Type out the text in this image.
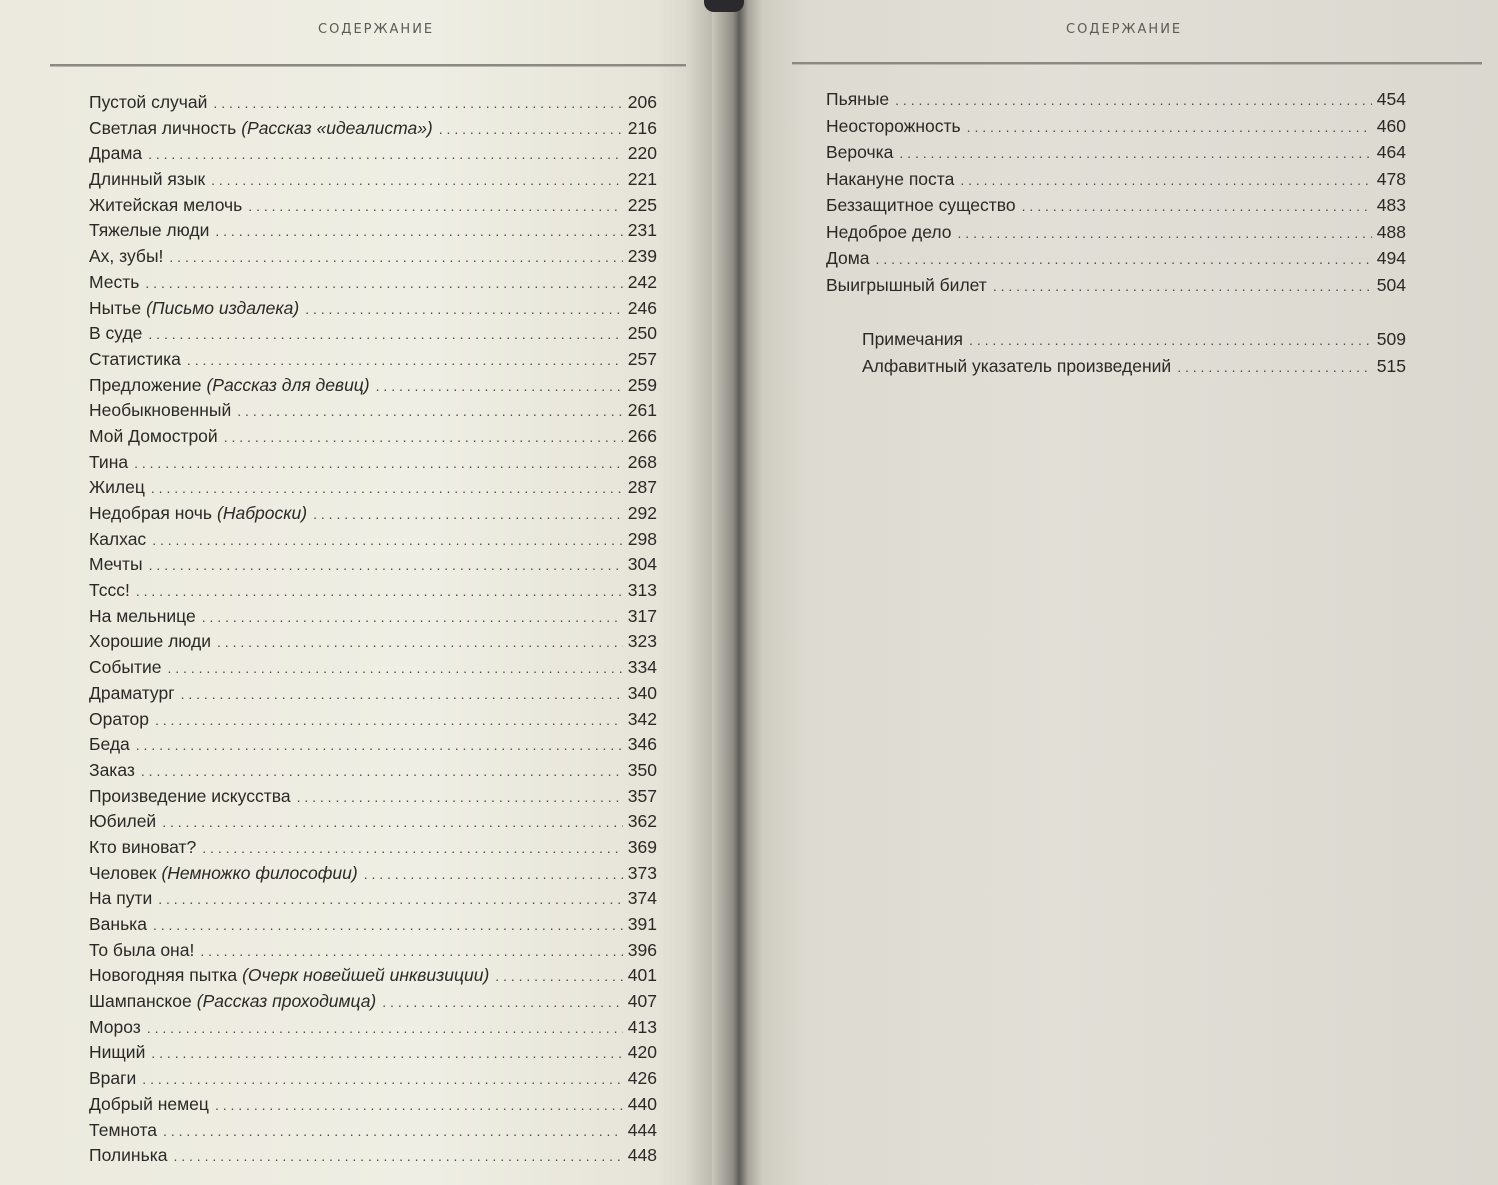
СОДЕРЖАНИЕ
Пустой случай . . .	206
Светлая личность (Рассказ «идеалиста») . . .	216
Драма . . .	220
Длинный язык . . .	221
Житейская мелочь . . .	225
Тяжелые люди . . .	231
Ах, зубы! . . .	239
Месть . . .	242
Нытье (Письмо издалека) . . .	246
В суде . . .	250
Статистика . . .	257
Предложение (Рассказ для девиц) . . .	259
Необыкновенный . . .	261
Мой Домострой . . .	266
Тина . . .	268
Жилец . . .	287
Недобрая ночь (Наброски) . . .	292
Калхас . . .	298
Мечты . . .	304
Тссс! . . .	313
На мельнице . . .	317
Хорошие люди . . .	323
Событие . . .	334
Драматург . . .	340
Оратор . . .	342
Беда . . .	346
Заказ . . .	350
Произведение искусства . . .	357
Юбилей . . .	362
Кто виноват? . . .	369
Человек (Немножко философии) . . .	373
На пути . . .	374
Ванька . . .	391
То была она! . . .	396
Новогодняя пытка (Очерк новейшей инквизиции) . . .	401
Шампанское (Рассказ проходимца) . . .	407
Мороз . . .	413
Нищий . . .	420
Враги . . .	426
Добрый немец . . .	440
Темнота . . .	444
Полинька . . .	448
СОДЕРЖАНИЕ
Пьяные . . .	454
Неосторожность . . .	460
Верочка . . .	464
Накануне поста . . .	478
Беззащитное существо . . .	483
Недоброе дело . . .	488
Дома . . .	494
Выигрышный билет . . .	504
Примечания . . .	509
Алфавитный указатель произведений . . .	515
